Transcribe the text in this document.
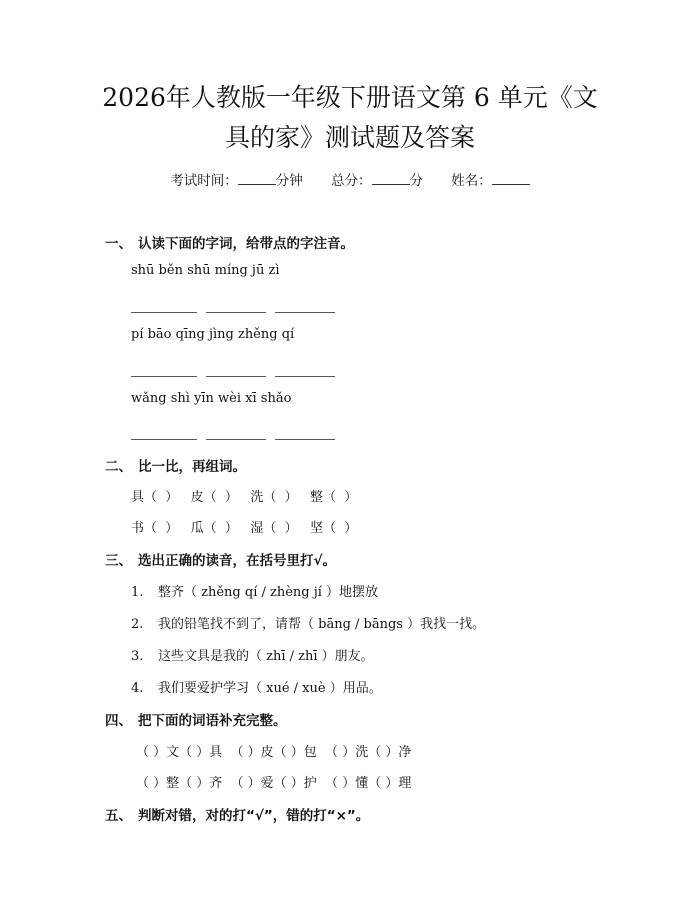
2026年人教版一年级下册语文第 6 单元《文
具的家》测试题及答案
考试时间：	分钟 总分：	分 姓名：
一、 认读下面的字词，给带点的字注音。
shū běn shū míng jū zì
pí bāo qīng jìng zhěng qí
wǎng shì yīn wèi xī shǎo
二、 比一比，再组词。
具（  ）   皮（  ）   洗（  ）   整（  ）
书（  ）   瓜（  ）   湿（  ）   坚（  ）
三、 选出正确的读音，在括号里打√。
1. 整齐（ zhěng qí / zhèng jí ）地摆放
2. 我的铅笔找不到了，请帮（ bāng / bāngs ）我找一找。
3. 这些文具是我的（ zhī / zhī ）朋友。
4. 我们要爱护学习（ xué / xuè ）用品。
四、 把下面的词语补充完整。
（ ）文（ ）具  （ ）皮（ ）包  （ ）洗（ ）净
（ ）整（ ）齐  （ ）爱（ ）护  （ ）懂（ ）理
五、 判断对错，对的打“√”，错的打“×”。
